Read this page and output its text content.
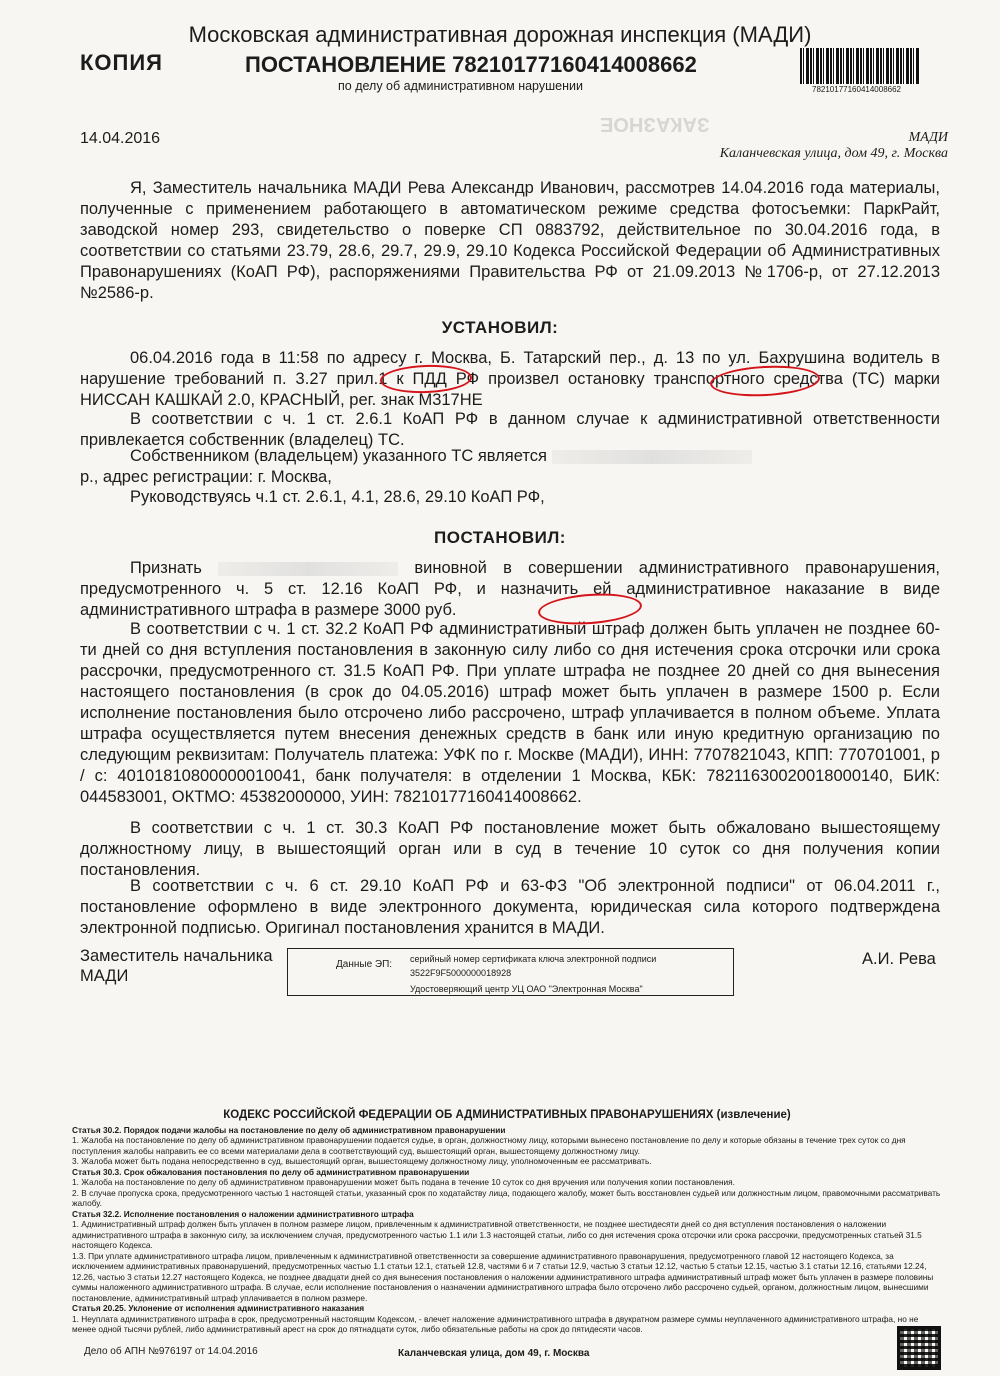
ЗАКАЗНОЕ
Московская административная дорожная инспекция (МАДИ)
КОПИЯ	ПОСТАНОВЛЕНИЕ 78210177160414008662
по делу об административном нарушении	78210177160414008662
14.04.2016	МАДИ
Каланчевская улица, дом 49, г. Москва
Я, Заместитель начальника МАДИ Рева Александр Иванович, рассмотрев 14.04.2016 года материалы, полученные с применением работающего в автоматическом режиме средства фотосъемки: ПаркРайт, заводской номер 293, свидетельство о поверке СП 0883792, действительное по 30.04.2016 года, в соответствии со статьями 23.79, 28.6, 29.7, 29.9, 29.10 Кодекса Российской Федерации об Административных Правонарушениях (КоАП РФ), распоряжениями Правительства РФ от 21.09.2013 №1706-р, от 27.12.2013 №2586-р.
УСТАНОВИЛ:
06.04.2016 года в 11:58 по адресу г. Москва, Б. Татарский пер., д. 13 по ул. Бахрушина водитель в нарушение требований п. 3.27 прил.1 к ПДД РФ произвел остановку транспортного средства (ТС) марки НИССАН КАШКАЙ 2.0, КРАСНЫЙ, рег. знак М317НЕ
В соответствии с ч. 1 ст. 2.6.1 КоАП РФ в данном случае к административной ответственности привлекается собственник (владелец) ТС.
Собственником (владельцем) указанного ТС является
р., адрес регистрации: г. Москва,
Руководствуясь ч.1 ст. 2.6.1, 4.1, 28.6, 29.10 КоАП РФ,
ПОСТАНОВИЛ:
Признать	виновной в совершении административного правонарушения, предусмотренного ч. 5 ст. 12.16 КоАП РФ, и назначить ей административное наказание в виде административного штрафа в размере 3000 руб.
В соответствии с ч. 1 ст. 32.2 КоАП РФ административный штраф должен быть уплачен не позднее 60-ти дней со дня вступления постановления в законную силу либо со дня истечения срока отсрочки или срока рассрочки, предусмотренного ст. 31.5 КоАП РФ. При уплате штрафа не позднее 20 дней со дня вынесения настоящего постановления (в срок до 04.05.2016) штраф может быть уплачен в размере 1500 р. Если исполнение постановления было отсрочено либо рассрочено, штраф уплачивается в полном объеме. Уплата штрафа осуществляется путем внесения денежных средств в банк или иную кредитную организацию по следующим реквизитам: Получатель платежа: УФК по г. Москве (МАДИ), ИНН: 7707821043, КПП: 770701001, р / с: 40101810800000010041, банк получателя: в отделении 1 Москва, КБК: 78211630020018000140, БИК: 044583001, ОКТМО: 45382000000, УИН: 78210177160414008662.
В соответствии с ч. 1 ст. 30.3 КоАП РФ постановление может быть обжаловано вышестоящему должностному лицу, в вышестоящий орган или в суд в течение 10 суток со дня получения копии постановления.
В соответствии с ч. 6 ст. 29.10 КоАП РФ и 63-ФЗ "Об электронной подписи" от 06.04.2011 г., постановление оформлено в виде электронного документа, юридическая сила которого подтверждена электронной подписью. Оригинал постановления хранится в МАДИ.
Заместитель начальника
МАДИ
Данные ЭП: серийный номер сертификата ключа электронной подписи
3522F9F5000000018928
Удостоверяющий центр УЦ ОАО "Электронная Москва"
А.И. Рева
КОДЕКС РОССИЙСКОЙ ФЕДЕРАЦИИ ОБ АДМИНИСТРАТИВНЫХ ПРАВОНАРУШЕНИЯХ (извлечение)
Статья 30.2. Порядок подачи жалобы на постановление по делу об административном правонарушении
1. Жалоба на постановление по делу об административном правонарушении подается судье, в орган, должностному лицу, которыми вынесено постановление по делу и которые обязаны в течение трех суток со дня поступления жалобы направить ее со всеми материалами дела в соответствующий суд, вышестоящий орган, вышестоящему должностному лицу.
3. Жалоба может быть подана непосредственно в суд, вышестоящий орган, вышестоящему должностному лицу, уполномоченным ее рассматривать.
Статья 30.3. Срок обжалования постановления по делу об административном правонарушении
1. Жалоба на постановление по делу об административном правонарушении может быть подана в течение 10 суток со дня вручения или получения копии постановления.
2. В случае пропуска срока, предусмотренного частью 1 настоящей статьи, указанный срок по ходатайству лица, подающего жалобу, может быть восстановлен судьей или должностным лицом, правомочными рассматривать жалобу.
Статья 32.2. Исполнение постановления о наложении административного штрафа
1. Административный штраф должен быть уплачен в полном размере лицом, привлеченным к административной ответственности, не позднее шестидесяти дней со дня вступления постановления о наложении административного штрафа в законную силу, за исключением случая, предусмотренного частью 1.1 или 1.3 настоящей статьи, либо со дня истечения срока отсрочки или срока рассрочки, предусмотренных статьей 31.5 настоящего Кодекса.
1.3. При уплате административного штрафа лицом, привлеченным к административной ответственности за совершение административного правонарушения, предусмотренного главой 12 настоящего Кодекса, за исключением административных правонарушений, предусмотренных частью 1.1 статьи 12.1, статьей 12.8, частями 6 и 7 статьи 12.9, частью 3 статьи 12.12, частью 5 статьи 12.15, частью 3.1 статьи 12.16, статьями 12.24, 12.26, частью 3 статьи 12.27 настоящего Кодекса, не позднее двадцати дней со дня вынесения постановления о наложении административного штрафа административный штраф может быть уплачен в размере половины суммы наложенного административного штрафа. В случае, если исполнение постановления о назначении административного штрафа было отсрочено либо рассрочено судьей, органом, должностным лицом, вынесшими постановление, административный штраф уплачивается в полном размере.
Статья 20.25. Уклонение от исполнения административного наказания
1. Неуплата административного штрафа в срок, предусмотренный настоящим Кодексом, - влечет наложение административного штрафа в двукратном размере суммы неуплаченного административного штрафа, но не менее одной тысячи рублей, либо административный арест на срок до пятнадцати суток, либо обязательные работы на срок до пятидесяти часов.
Дело об АПН №976197 от 14.04.2016	Каланчевская улица, дом 49, г. Москва
